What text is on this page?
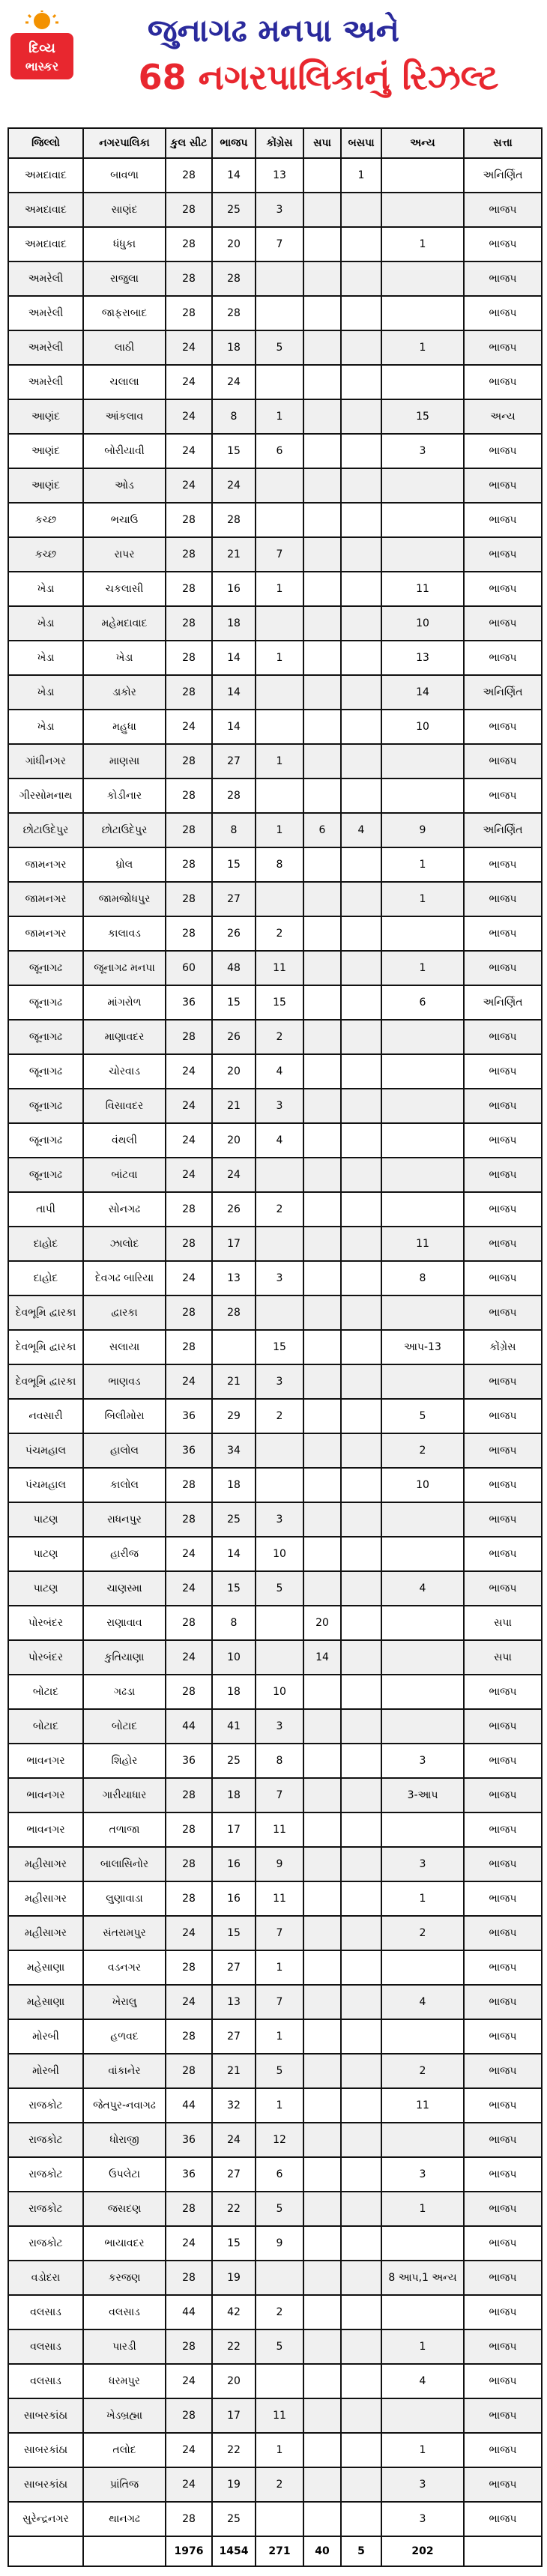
દિવ્ય
ભાસ્કર
જુનાગઢ મનપા અને
68 નગરપાલિકાનું રિઝલ્ટ
જિલ્લો	નગરપાલિકા	કુલ સીટ	ભાજપ	કોંગ્રેસ	સપા	બસપા	અન્ય	સત્તા
અમદાવાદ	બાવળા	28	14	13		1		અનિર્ણિત
અમદાવાદ	સાણંદ	28	25	3				ભાજપ
અમદાવાદ	ધંધુકા	28	20	7			1	ભાજપ
અમરેલી	રાજુલા	28	28					ભાજપ
અમરેલી	જાફરાબાદ	28	28					ભાજપ
અમરેલી	લાઠી	24	18	5			1	ભાજપ
અમરેલી	ચલાલા	24	24					ભાજપ
આણંદ	આંકલાવ	24	8	1			15	અન્ય
આણંદ	બોરીયાવી	24	15	6			3	ભાજપ
આણંદ	ઓડ	24	24					ભાજપ
કચ્છ	ભચાઉ	28	28					ભાજપ
કચ્છ	રાપર	28	21	7				ભાજપ
ખેડા	ચકલાસી	28	16	1			11	ભાજપ
ખેડા	મહેમદાવાદ	28	18				10	ભાજપ
ખેડા	ખેડા	28	14	1			13	ભાજપ
ખેડા	ડાકોર	28	14				14	અનિર્ણિત
ખેડા	મહુધા	24	14				10	ભાજપ
ગાંધીનગર	માણસા	28	27	1				ભાજપ
ગીરસોમનાથ	કોડીનાર	28	28					ભાજપ
છોટાઉદેપુર	છોટાઉદેપુર	28	8	1	6	4	9	અનિર્ણિત
જામનગર	ધ્રોલ	28	15	8			1	ભાજપ
જામનગર	જામજોધપુર	28	27				1	ભાજપ
જામનગર	કાલાવડ	28	26	2				ભાજપ
જૂનાગઢ	જૂનાગઢ મનપા	60	48	11			1	ભાજપ
જૂનાગઢ	માંગરોળ	36	15	15			6	અનિર્ણિત
જૂનાગઢ	માણાવદર	28	26	2				ભાજપ
જૂનાગઢ	ચોરવાડ	24	20	4				ભાજપ
જૂનાગઢ	વિસાવદર	24	21	3				ભાજપ
જૂનાગઢ	વંથલી	24	20	4				ભાજપ
જૂનાગઢ	બાંટવા	24	24					ભાજપ
તાપી	સોનગઢ	28	26	2				ભાજપ
દાહોદ	ઝાલોદ	28	17				11	ભાજપ
દાહોદ	દેવગઢ બારિયા	24	13	3			8	ભાજપ
દેવભૂમિ દ્વારકા	દ્વારકા	28	28					ભાજપ
દેવભૂમિ દ્વારકા	સલાયા	28		15			આપ-13	કોંગ્રેસ
દેવભૂમિ દ્વારકા	ભાણવડ	24	21	3				ભાજપ
નવસારી	બિલીમોરા	36	29	2			5	ભાજપ
પંચમહાલ	હાલોલ	36	34				2	ભાજપ
પંચમહાલ	કાલોલ	28	18				10	ભાજપ
પાટણ	રાધનપુર	28	25	3				ભાજપ
પાટણ	હારીજ	24	14	10				ભાજપ
પાટણ	ચાણસ્મા	24	15	5			4	ભાજપ
પોરબંદર	રાણાવાવ	28	8		20			સપા
પોરબંદર	કુતિયાણા	24	10		14			સપા
બોટાદ	ગઢડા	28	18	10				ભાજપ
બોટાદ	બોટાદ	44	41	3				ભાજપ
ભાવનગર	શિહોર	36	25	8			3	ભાજપ
ભાવનગર	ગારીયાધાર	28	18	7			3-આપ	ભાજપ
ભાવનગર	તળાજા	28	17	11				ભાજપ
મહીસાગર	બાલાસિનોર	28	16	9			3	ભાજપ
મહીસાગર	લુણાવાડા	28	16	11			1	ભાજપ
મહીસાગર	સંતરામપુર	24	15	7			2	ભાજપ
મહેસાણા	વડનગર	28	27	1				ભાજપ
મહેસાણા	ખેરાલુ	24	13	7			4	ભાજપ
મોરબી	હળવદ	28	27	1				ભાજપ
મોરબી	વાંકાનેર	28	21	5			2	ભાજપ
રાજકોટ	જેતપુર-નવાગઢ	44	32	1			11	ભાજપ
રાજકોટ	ધોરાજી	36	24	12				ભાજપ
રાજકોટ	ઉપલેટા	36	27	6			3	ભાજપ
રાજકોટ	જસદણ	28	22	5			1	ભાજપ
રાજકોટ	ભાયાવદર	24	15	9				ભાજપ
વડોદરા	કરજણ	28	19				8 આપ,1 અન્ય	ભાજપ
વલસાડ	વલસાડ	44	42	2				ભાજપ
વલસાડ	પારડી	28	22	5			1	ભાજપ
વલસાડ	ધરમપુર	24	20				4	ભાજપ
સાબરકાંઠા	ખેડબ્રહ્મા	28	17	11				ભાજપ
સાબરકાંઠા	તલોદ	24	22	1			1	ભાજપ
સાબરકાંઠા	પ્રાંતિજ	24	19	2			3	ભાજપ
સુરેન્દ્રનગર	થાનગઢ	28	25				3	ભાજપ
		1976	1454	271	40	5	202	
